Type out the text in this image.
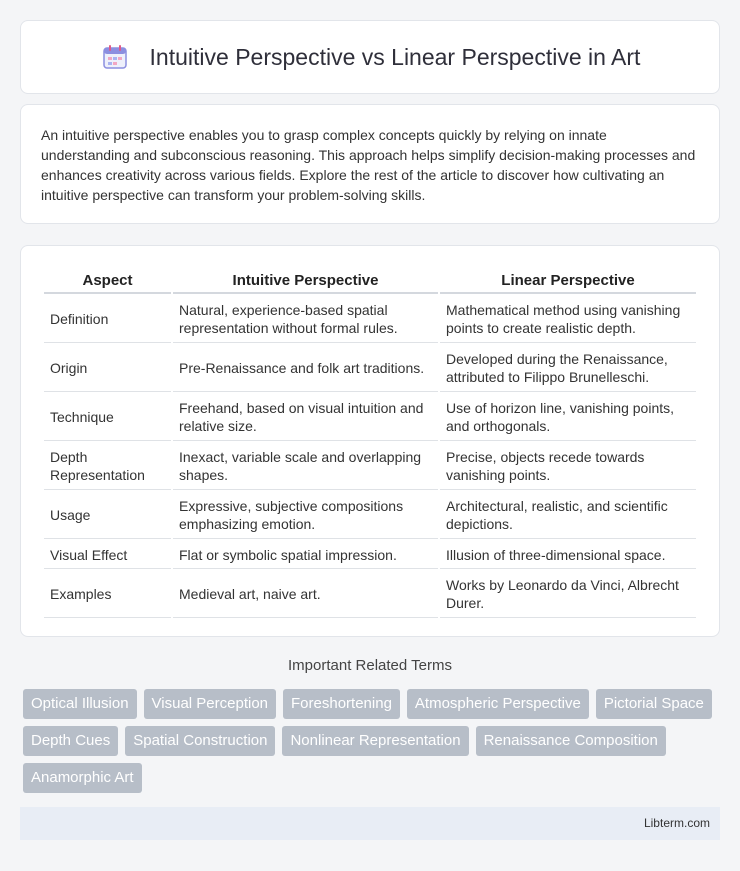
Intuitive Perspective vs Linear Perspective in Art

An intuitive perspective enables you to grasp complex concepts quickly by relying on innate understanding and subconscious reasoning. This approach helps simplify decision-making processes and enhances creativity across various fields. Explore the rest of the article to discover how cultivating an intuitive perspective can transform your problem-solving skills.

Aspect	Intuitive Perspective	Linear Perspective
Definition	Natural, experience-based spatial representation without formal rules.	Mathematical method using vanishing points to create realistic depth.
Origin	Pre-Renaissance and folk art traditions.	Developed during the Renaissance, attributed to Filippo Brunelleschi.
Technique	Freehand, based on visual intuition and relative size.	Use of horizon line, vanishing points, and orthogonals.
Depth Representation	Inexact, variable scale and overlapping shapes.	Precise, objects recede towards vanishing points.
Usage	Expressive, subjective compositions emphasizing emotion.	Architectural, realistic, and scientific depictions.
Visual Effect	Flat or symbolic spatial impression.	Illusion of three-dimensional space.
Examples	Medieval art, naive art.	Works by Leonardo da Vinci, Albrecht Durer.
Important Related Terms
Optical Illusion	Visual Perception	Foreshortening	Atmospheric Perspective	Pictorial Space
Depth Cues	Spatial Construction	Nonlinear Representation	Renaissance Composition
Anamorphic Art
Libterm.com
